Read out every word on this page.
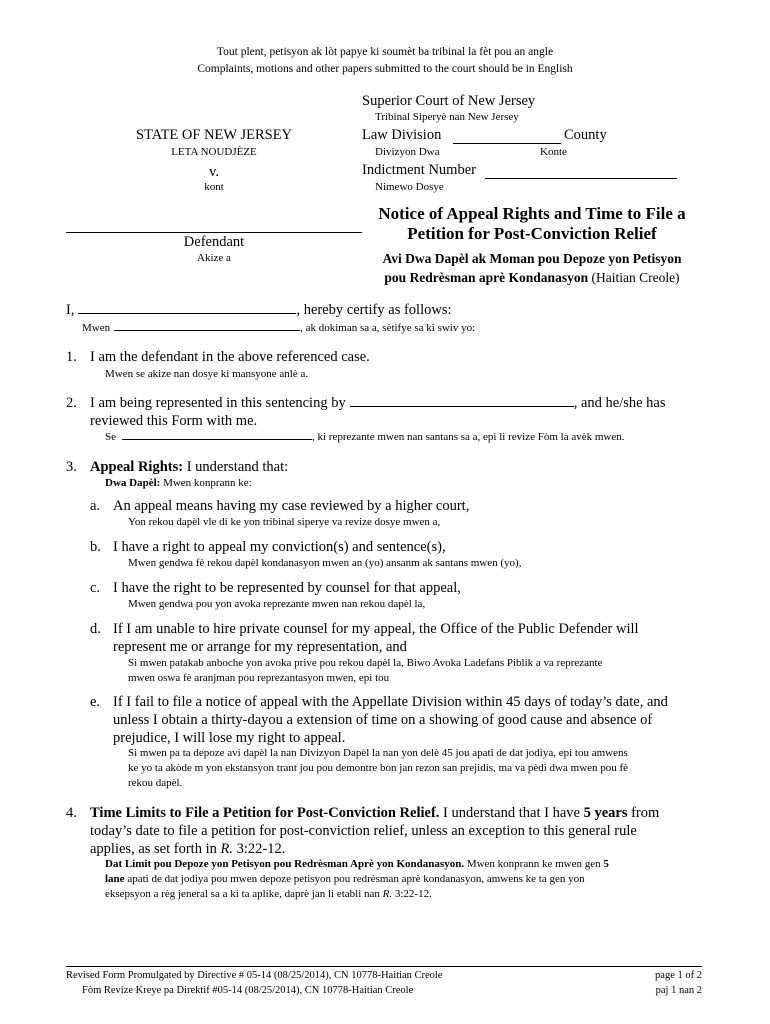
Tout plent, petisyon ak lòt papye ki soumèt ba tribinal la fèt pou an angle
Complaints, motions and other papers submitted to the court should be in English
Superior Court of New Jersey
Tribinal Siperyè nan New Jersey
Law Division	County
Divizyon Dwa	Konte
Indictment Number
Nimewo Dosye
STATE OF NEW JERSEY
LETA NOUDJÈZE
v.
kont
Defendant
Akize a
Notice of Appeal Rights and Time to File a
Petition for Post-Conviction Relief
Avi Dwa Dapèl ak Moman pou Depoze yon Petisyon
pou Redrèsman aprè Kondanasyon (Haitian Creole)
I,	, hereby certify as follows:
Mwen	, ak dokiman sa a, sètifye sa ki swiv yo:
1. I am the defendant in the above referenced case.
Mwen se akize nan dosye ki mansyone anlè a.
2. I am being represented in this sentencing by	, and he/she has
reviewed this Form with me.
Se	, ki reprezante mwen nan santans sa a, epi li revize Fòm la avèk mwen.
3. Appeal Rights: I understand that:
Dwa Dapèl: Mwen konprann ke:
a. An appeal means having my case reviewed by a higher court,
Yon rekou dapèl vle di ke yon tribinal siperye va revize dosye mwen a,
b. I have a right to appeal my conviction(s) and sentence(s),
Mwen gendwa fè rekou dapèl kondanasyon mwen an (yo) ansanm ak santans mwen (yo),
c. I have the right to be represented by counsel for that appeal,
Mwen gendwa pou yon avoka reprezante mwen nan rekou dapèl la,
d. If I am unable to hire private counsel for my appeal, the Office of the Public Defender will
represent me or arrange for my representation, and
Si mwen patakab anboche yon avoka prive pou rekou dapèl la, Biwo Avoka Ladefans Piblik a va reprezante
mwen oswa fè aranjman pou reprezantasyon mwen, epi tou
e. If I fail to file a notice of appeal with the Appellate Division within 45 days of today’s date, and
unless I obtain a thirty-dayou a extension of time on a showing of good cause and absence of
prejudice, I will lose my right to appeal.
Si mwen pa ta depoze avi dapèl la nan Divizyon Dapèl la nan yon delè 45 jou apati de dat jodiya, epi tou amwens
ke yo ta akòde m yon ekstansyon trant jou pou demontre bon jan rezon san prejidis, ma va pèdi dwa mwen pou fè
rekou dapèl.
4. Time Limits to File a Petition for Post-Conviction Relief. I understand that I have 5 years from
today’s date to file a petition for post-conviction relief, unless an exception to this general rule
applies, as set forth in R. 3:22-12.
Dat Limit pou Depoze yon Petisyon pou Redrèsman Aprè yon Kondanasyon. Mwen konprann ke mwen gen 5
lane apati de dat jodiya pou mwen depoze petisyon pou redrèsman aprè kondanasyon, amwens ke ta gen yon
eksepsyon a règ jeneral sa a ki ta aplike, daprè jan li etabli nan R. 3:22-12.
Revised Form Promulgated by Directive # 05-14 (08/25/2014), CN 10778-Haitian Creole
Fòm Revize Kreye pa Direktif #05-14 (08/25/2014), CN 10778-Haitian Creole
page 1 of 2
paj 1 nan 2
